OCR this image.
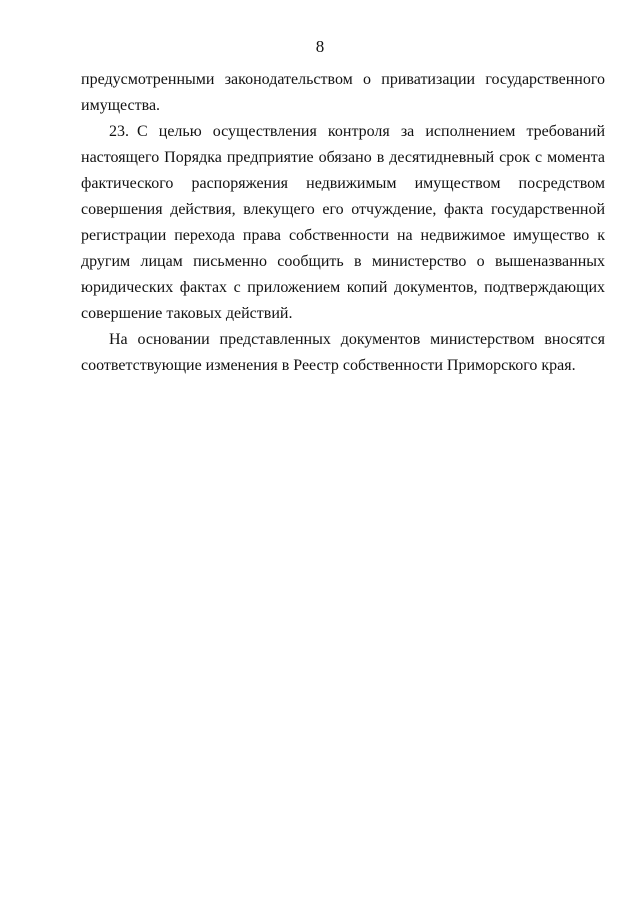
8

предусмотренными законодательством о приватизации государственного имущества.

23. С целью осуществления контроля за исполнением требований настоящего Порядка предприятие обязано в десятидневный срок с момента фактического распоряжения недвижимым имуществом посредством совершения действия, влекущего его отчуждение, факта государственной регистрации перехода права собственности на недвижимое имущество к другим лицам письменно сообщить в министерство о вышеназванных юридических фактах с приложением копий документов, подтверждающих совершение таковых действий.

На основании представленных документов министерством вносятся соответствующие изменения в Реестр собственности Приморского края.
